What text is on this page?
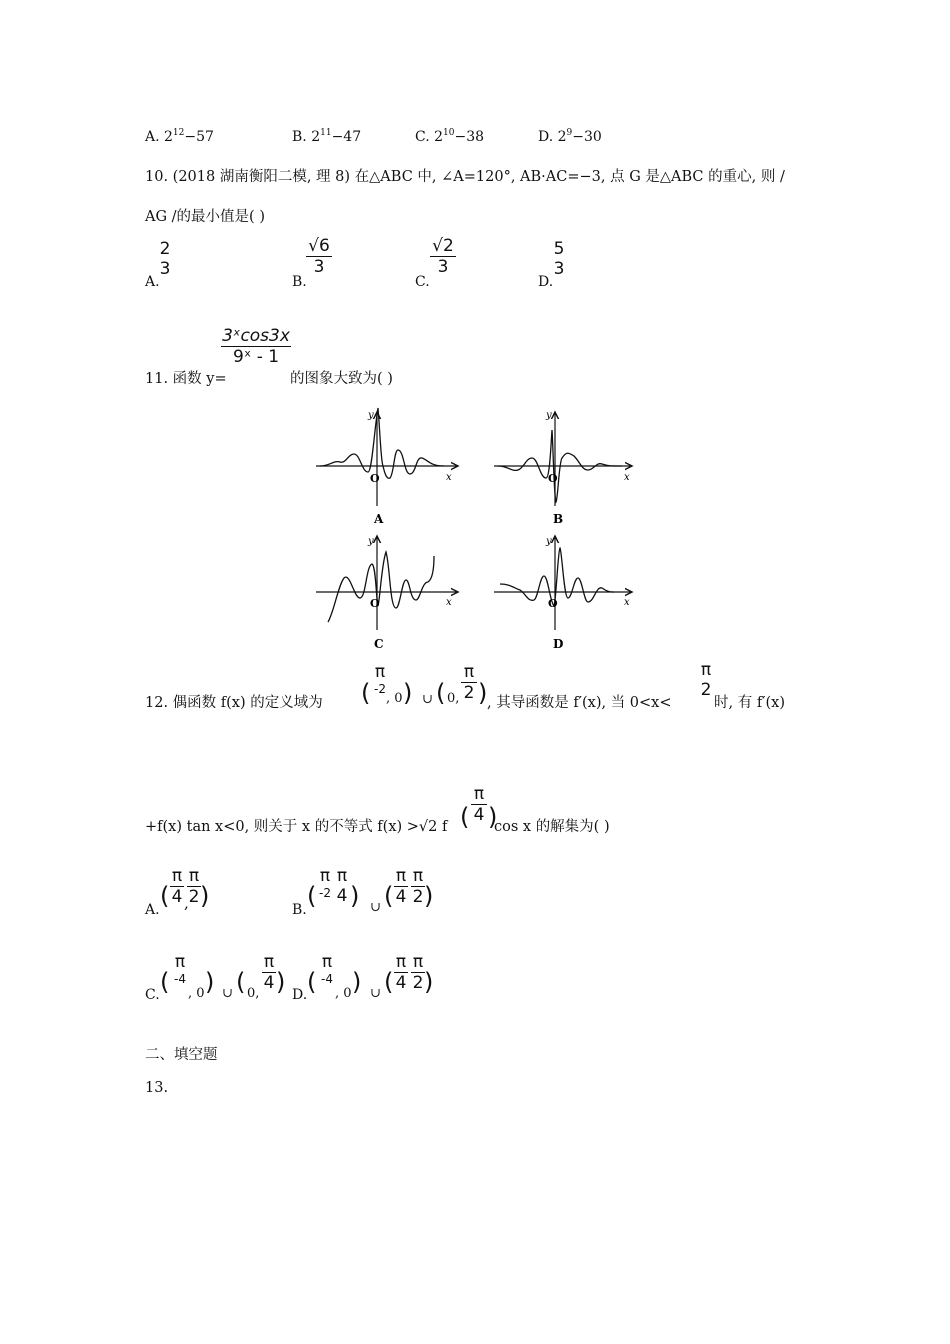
A. $2^{12}-57$	B. $2^{11}-47$	C. $2^{10}-38$	D. $2^9-30$
10. (2018 湖南衡阳二模, 理 8) 在△ABC 中, ∠A=120°, AB·AC=−3, 点 G 是△ABC 的重心, 则 /
AG /的最小值是( )
A.
2
3
B.
$\frac{√6}{3}$
C.
$\frac{√2}{3}$
D.
5
3
11. 函数 y=
$\frac{\text{3ˣcos3x}}{\text{9ˣ - 1}}$
的图象大致为( )
y
x
O
A
y
x
O
B
y
x
O
C
y
x
O
D
12. 偶函数 f(x) 的定义域为 (
π
-2
, 0 ) ∪ ( 0, $\frac{\pi}{2}$ ) , 其导函数是 f′(x), 当 0<x<
π
2
时, 有 f′(x)
+f(x) tan x<0, 则关于 x 的不等式 f(x) >√2 f ( $\frac{\pi}{4}$ )
cos x 的解集为( )
A. ( $\frac{\pi}{4}$ ,
$\frac{\pi}{2}$ )	B. (
π
-2
π
4 ) ∪ ( $\frac{\pi}{4} \frac{\pi}{2}$ )
C. (
π
-4
, 0 ) ∪ ( 0,
$\frac{\pi}{4}$ ) D. (
π
-4
, 0 ) ∪ ( $\frac{\pi}{4} \frac{\pi}{2}$ )
二、填空题
13.
